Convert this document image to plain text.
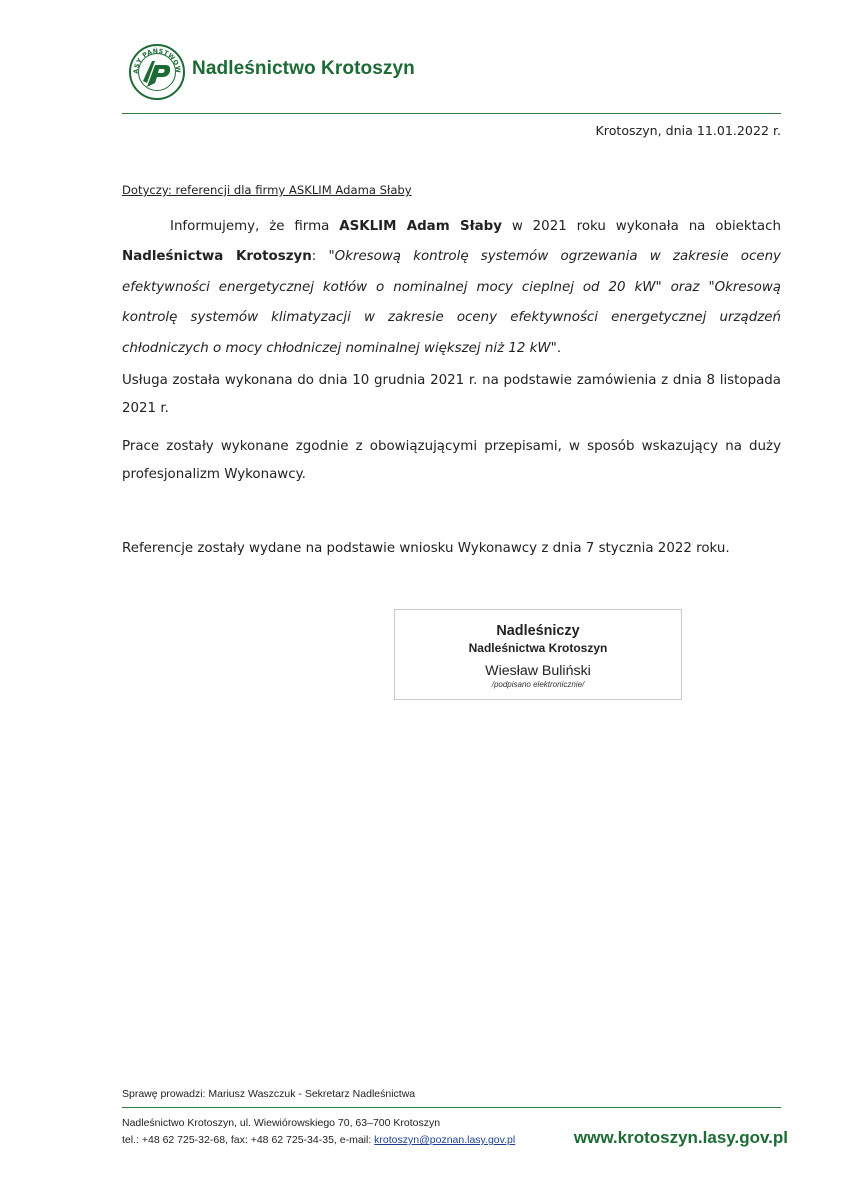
ASY PAŃSTWOW Nadleśnictwo Krotoszyn
Krotoszyn, dnia 11.01.2022 r.
Dotyczy: referencji dla firmy ASKLIM Adama Słaby
Informujemy, że firma ASKLIM Adam Słaby w 2021 roku wykonała na obiektach Nadleśnictwa Krotoszyn: "Okresową kontrolę systemów ogrzewania w zakresie oceny efektywności energetycznej kotłów o nominalnej mocy cieplnej od 20 kW" oraz "Okresową kontrolę systemów klimatyzacji w zakresie oceny efektywności energetycznej urządzeń chłodniczych o mocy chłodniczej nominalnej większej niż 12 kW".
Usługa została wykonana do dnia 10 grudnia 2021 r. na podstawie zamówienia z dnia 8 listopada 2021 r.
Prace zostały wykonane zgodnie z obowiązującymi przepisami, w sposób wskazujący na duży profesjonalizm Wykonawcy.
Referencje zostały wydane na podstawie wniosku Wykonawcy z dnia 7 stycznia 2022 roku.
Nadleśniczy
Nadleśnictwa Krotoszyn
Wiesław Buliński
/podpisano elektronicznie/
Sprawę prowadzi: Mariusz Waszczuk - Sekretarz Nadleśnictwa
Nadleśnictwo Krotoszyn, ul. Wiewiórowskiego 70, 63–700 Krotoszyn
tel.: +48 62 725-32-68, fax: +48 62 725-34-35, e-mail: krotoszyn@poznan.lasy.gov.pl	www.krotoszyn.lasy.gov.pl
